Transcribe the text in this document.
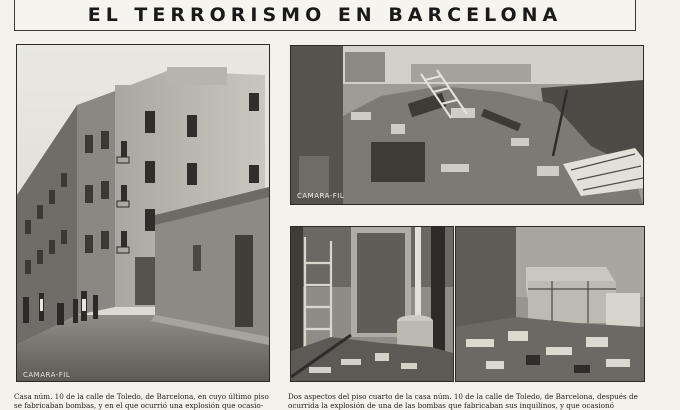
EL TERRORISMO EN BARCELONA
CAMARA-FIL
CAMARA-FIL
Casa núm. 10 de la calle de Toledo, de Barcelona, en cuyo último piso se fabricaban bombas, y en el que ocurrió una explosión que ocasio-
Dos aspectos del piso cuarto de la casa núm. 10 de la calle de Toledo, de Barcelona, después de ocurrida la explosión de una de las bombas que fabricaban sus inquilinos, y que ocasionó
